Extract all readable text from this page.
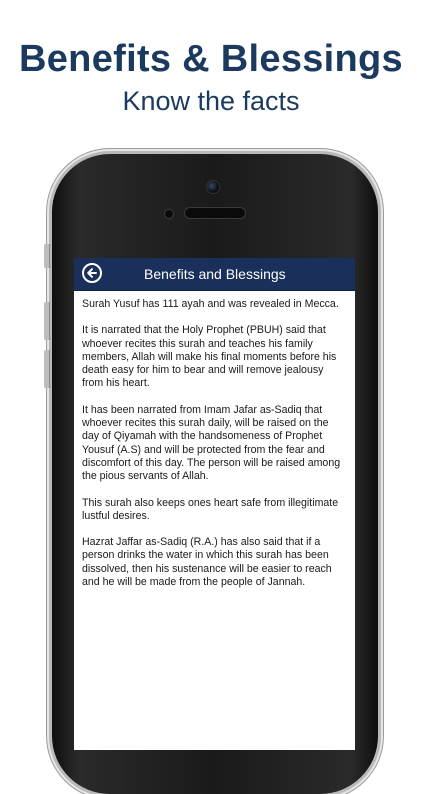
Benefits & Blessings
Know the facts
Benefits and Blessings

Surah Yusuf has 111 ayah and was revealed in Mecca.

It is narrated that the Holy Prophet (PBUH) said that whoever recites this surah and teaches his family members, Allah will make his final moments before his death easy for him to bear and will remove jealousy from his heart.

It has been narrated from Imam Jafar as-Sadiq that whoever recites this surah daily, will be raised on the day of Qiyamah with the handsomeness of Prophet Yousuf (A.S) and will be protected from the fear and discomfort of this day. The person will be raised among the pious servants of Allah.

This surah also keeps ones heart safe from illegitimate lustful desires.

Hazrat Jaffar as-Sadiq (R.A.) has also said that if a person drinks the water in which this surah has been dissolved, then his sustenance will be easier to reach and he will be made from the people of Jannah.
